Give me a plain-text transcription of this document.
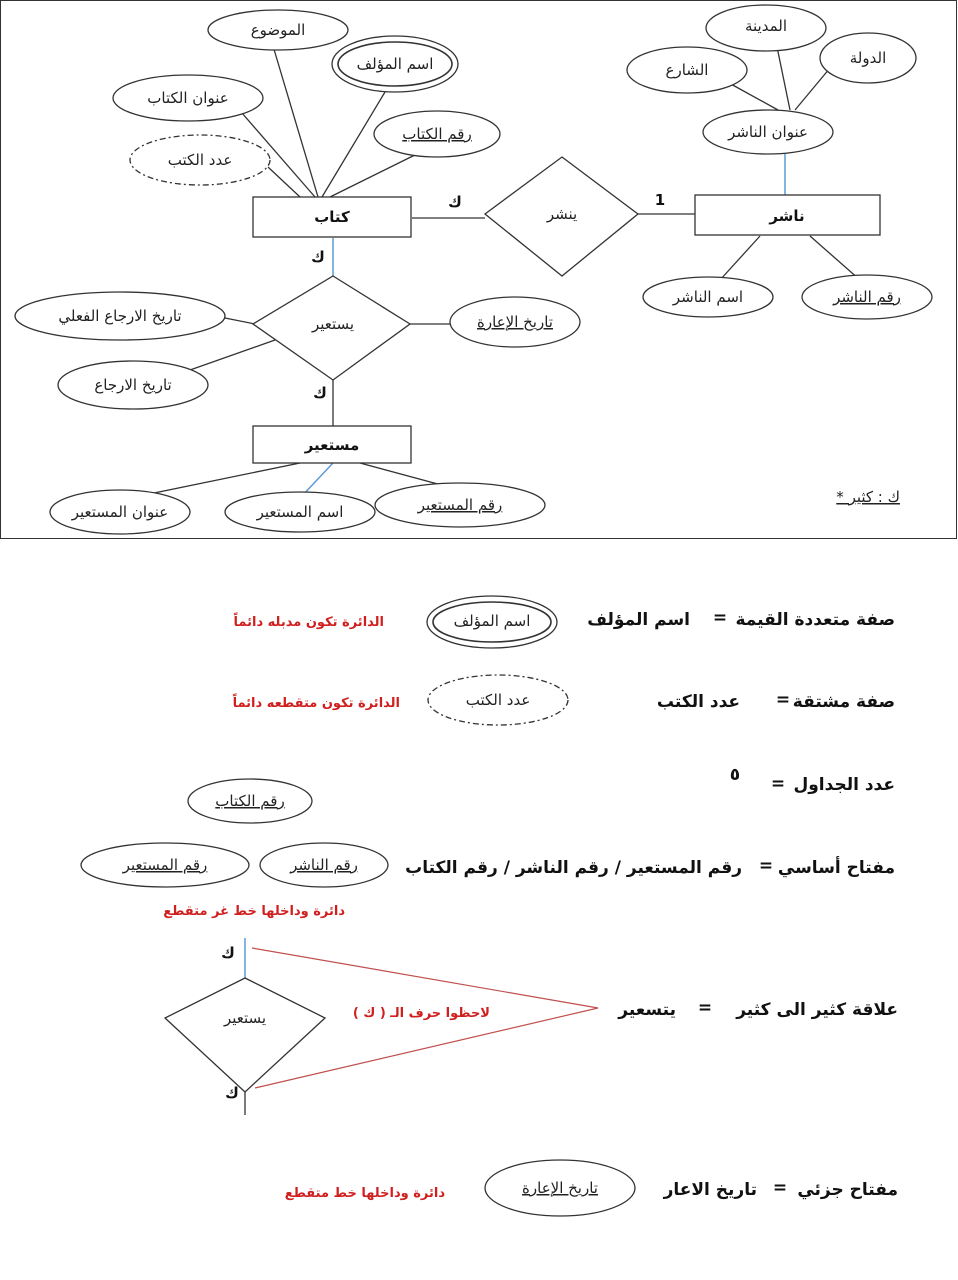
كتاب
الموضوع
اسم المؤلف
عنوان الكتاب
رقم الكتاب
عدد الكتب
ينشر
ك	1
ناشر
المدينة
الشارع
الدولة
عنوان الناشر
اسم الناشر	رقم الناشر
ك
يستعير
ك
تاريخ الارجاع الفعلي
تاريخ الارجاع
تاريخ الإعارة
مستعير
عنوان المستعير	اسم المستعير	رقم المستعير	* ك : كثير
صفة متعددة القيمة
=
اسم المؤلف
اسم المؤلف
الدائرة تكون مدبله دائماً
صفة مشتقة
=
عدد الكتب
عدد الكتب
الدائرة تكون متقطعه دائماً
عدد الجداول
=
٥
رقم الكتاب
رقم المستعير	رقم الناشر	مفتاح أساسي
=
رقم المستعير / رقم الناشر / رقم الكتاب
دائرة وداخلها خط غر متقطع
ك
يستعير
ك
لاحظوا حرف الـ ( ك )	علاقة كثير الى كثير
=
يتسعير
مفتاح جزئي
=
تاريخ الاعار
تاريخ الإعارة
دائرة وداخلها خط متقطع
